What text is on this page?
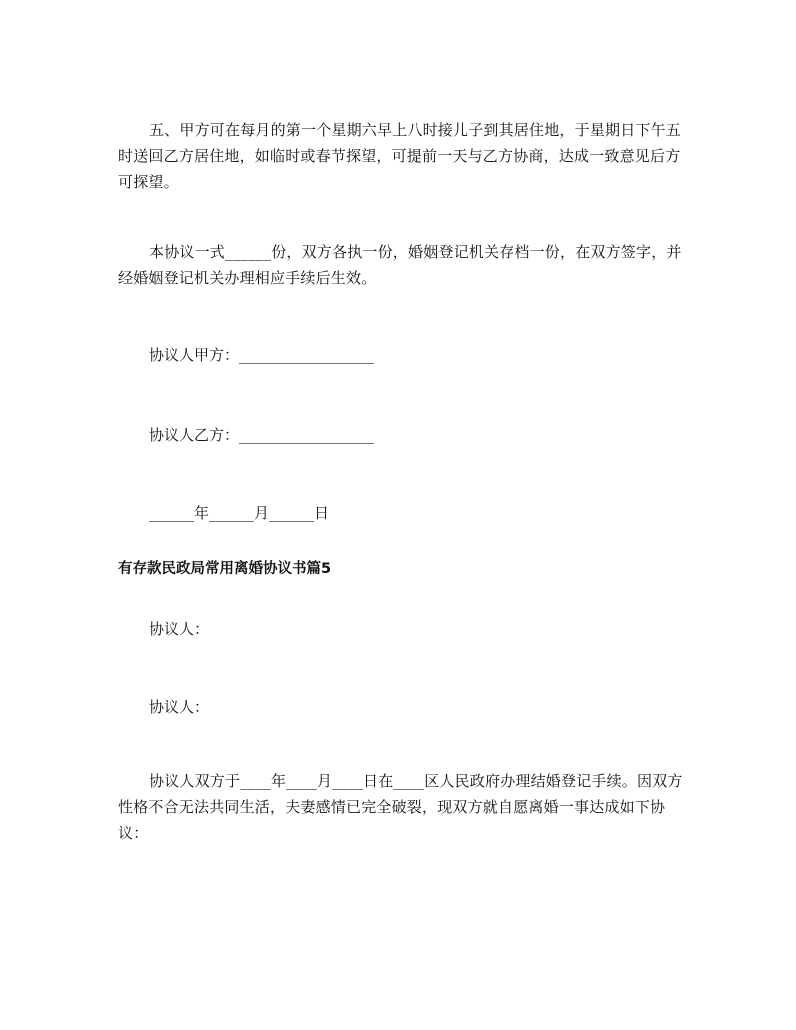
五、甲方可在每月的第一个星期六早上八时接儿子到其居住地，于星期日下午五时送回乙方居住地，如临时或春节探望，可提前一天与乙方协商，达成一致意见后方可探望。

本协议一式______份，双方各执一份，婚姻登记机关存档一份，在双方签字，并经婚姻登记机关办理相应手续后生效。

协议人甲方：__________________

协议人乙方：__________________

______年______月______日

有存款民政局常用离婚协议书篇5

协议人：

协议人：

协议人双方于____年____月____日在____区人民政府办理结婚登记手续。因双方性格不合无法共同生活，夫妻感情已完全破裂，现双方就自愿离婚一事达成如下协议：
